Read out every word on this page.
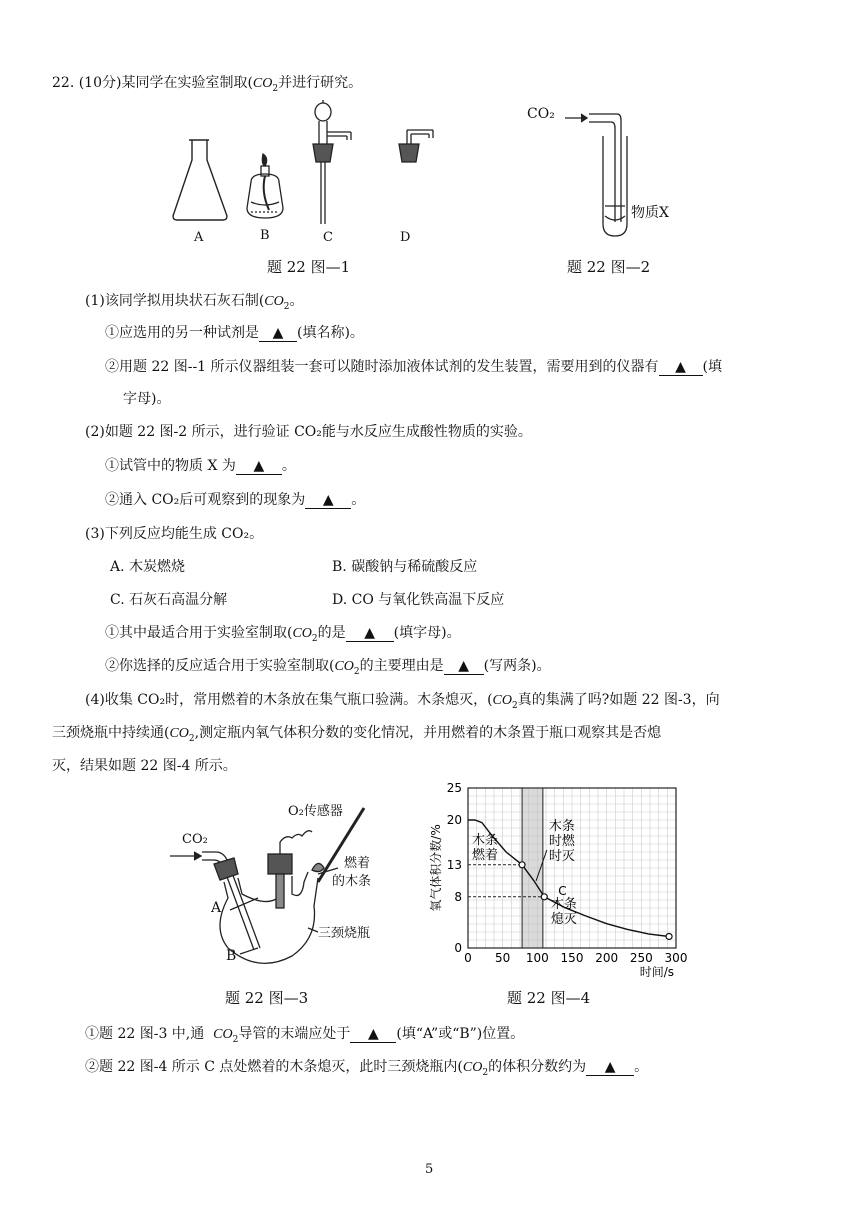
22. (10分)某同学在实验室制取($CO_2$并进行研究。
A	B	C	D
题 22 图—1
CO₂
物质X
题 22 图—2
(1)该同学拟用块状石灰石制($CO_2$。
①应选用的另一种试剂是 ▲ (填名称)。
②用题 22 图--1 所示仪器组装一套可以随时添加液体试剂的发生装置，需要用到的仪器有 ▲ (填
字母)。
(2)如题 22 图-2 所示，进行验证 CO₂能与水反应生成酸性物质的实验。
①试管中的物质 X 为 ▲ 。
②通入 CO₂后可观察到的现象为 ▲ 。
(3)下列反应均能生成 CO₂。
A. 木炭燃烧	B. 碳酸钠与稀硫酸反应
C. 石灰石高温分解	D. CO 与氧化铁高温下反应
①其中最适合用于实验室制取($CO_2$的是 ▲ (填字母)。
②你选择的反应适合用于实验室制取($CO_2$的主要理由是 ▲ (写两条)。
(4)收集 CO₂时，常用燃着的木条放在集气瓶口验满。木条熄灭，($CO_2$真的集满了吗?如题 22 图-3，向
三颈烧瓶中持续通($CO_2$,测定瓶内氧气体积分数的变化情况，并用燃着的木条置于瓶口观察其是否熄
灭，结果如题 22 图-4 所示。
O₂传感器
CO₂
燃着
的木条
A
B
三颈烧瓶
题 22 图—3
0 50 100 150 200 250 300
0
8
13
20
25
时间/s
氧气体积分数/%	C
木条
燃着
木条
熄灭
木条
时燃
时灭
题 22 图—4
①题 22 图-3 中,通 $CO_2$导管的末端应处于 ▲ (填“A”或“B”)位置。
②题 22 图-4 所示 C 点处燃着的木条熄灭，此时三颈烧瓶内($CO_2$的体积分数约为 ▲ 。
5
